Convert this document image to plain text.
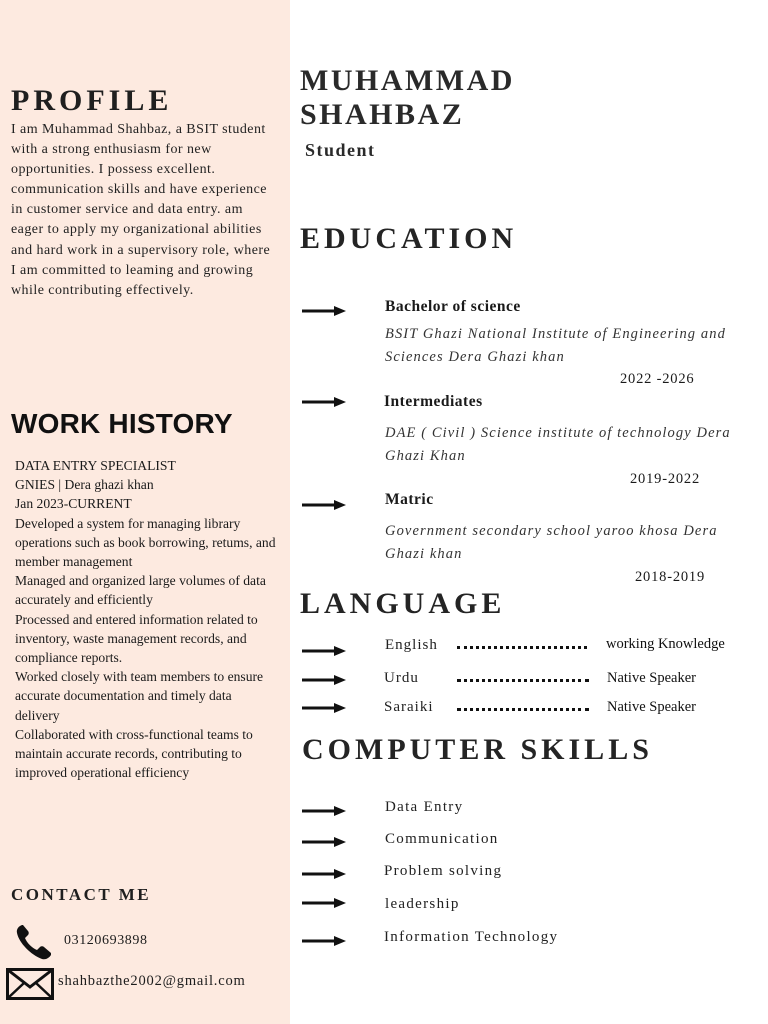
PROFILE
I am Muhammad Shahbaz, a BSIT student with a strong enthusiasm for new opportunities. I possess excellent. communication skills and have experience in customer service and data entry. am eager to apply my organizational abilities and hard work in a supervisory role, where I am committed to leaming and growing while contributing effectively.
WORK HISTORY
DATA ENTRY SPECIALIST
GNIES | Dera ghazi khan
Jan 2023-CURRENT
Developed a system for managing library operations such as book borrowing, retums, and member management
Managed and organized large volumes of data accurately and efficiently
Processed and entered information related to inventory, waste management records, and compliance reports.
Worked closely with team members to ensure accurate documentation and timely data delivery
Collaborated with cross-functional teams to maintain accurate records, contributing to improved operational efficiency
CONTACT ME
03120693898
shahbazthe2002@gmail.com
MUHAMMAD
SHAHBAZ
Student
EDUCATION
Bachelor of science
BSIT Ghazi National Institute of Engineering and Sciences Dera Ghazi khan
2022 -2026
Intermediates
DAE ( Civil ) Science institute of technology Dera Ghazi Khan
2019-2022
Matric
Government secondary school yaroo khosa Dera Ghazi khan
2018-2019
LANGUAGE
English	working Knowledge
Urdu	Native Speaker
Saraiki	Native Speaker
COMPUTER SKILLS
Data Entry
Communication
Problem solving
leadership
Information Technology
